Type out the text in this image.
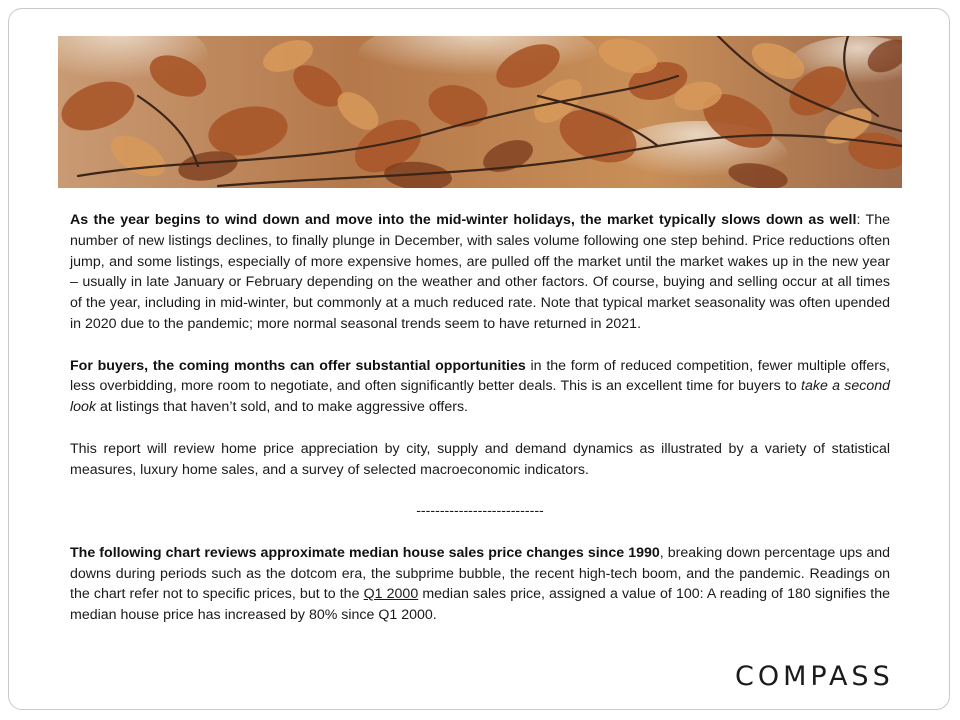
As the year begins to wind down and move into the mid-winter holidays, the market typically slows down as well: The number of new listings declines, to finally plunge in December, with sales volume following one step behind. Price reductions often jump, and some listings, especially of more expensive homes, are pulled off the market until the market wakes up in the new year – usually in late January or February depending on the weather and other factors. Of course, buying and selling occur at all times of the year, including in mid-winter, but commonly at a much reduced rate. Note that typical market seasonality was often upended in 2020 due to the pandemic; more normal seasonal trends seem to have returned in 2021.

For buyers, the coming months can offer substantial opportunities in the form of reduced competition, fewer multiple offers, less overbidding, more room to negotiate, and often significantly better deals. This is an excellent time for buyers to take a second look at listings that haven’t sold, and to make aggressive offers.

This report will review home price appreciation by city, supply and demand dynamics as illustrated by a variety of statistical measures, luxury home sales, and a survey of selected macroeconomic indicators.

---------------------------

The following chart reviews approximate median house sales price changes since 1990, breaking down percentage ups and downs during periods such as the dotcom era, the subprime bubble, the recent high-tech boom, and the pandemic. Readings on the chart refer not to specific prices, but to the Q1 2000 median sales price, assigned a value of 100: A reading of 180 signifies the median house price has increased by 80% since Q1 2000.

COMPASS
